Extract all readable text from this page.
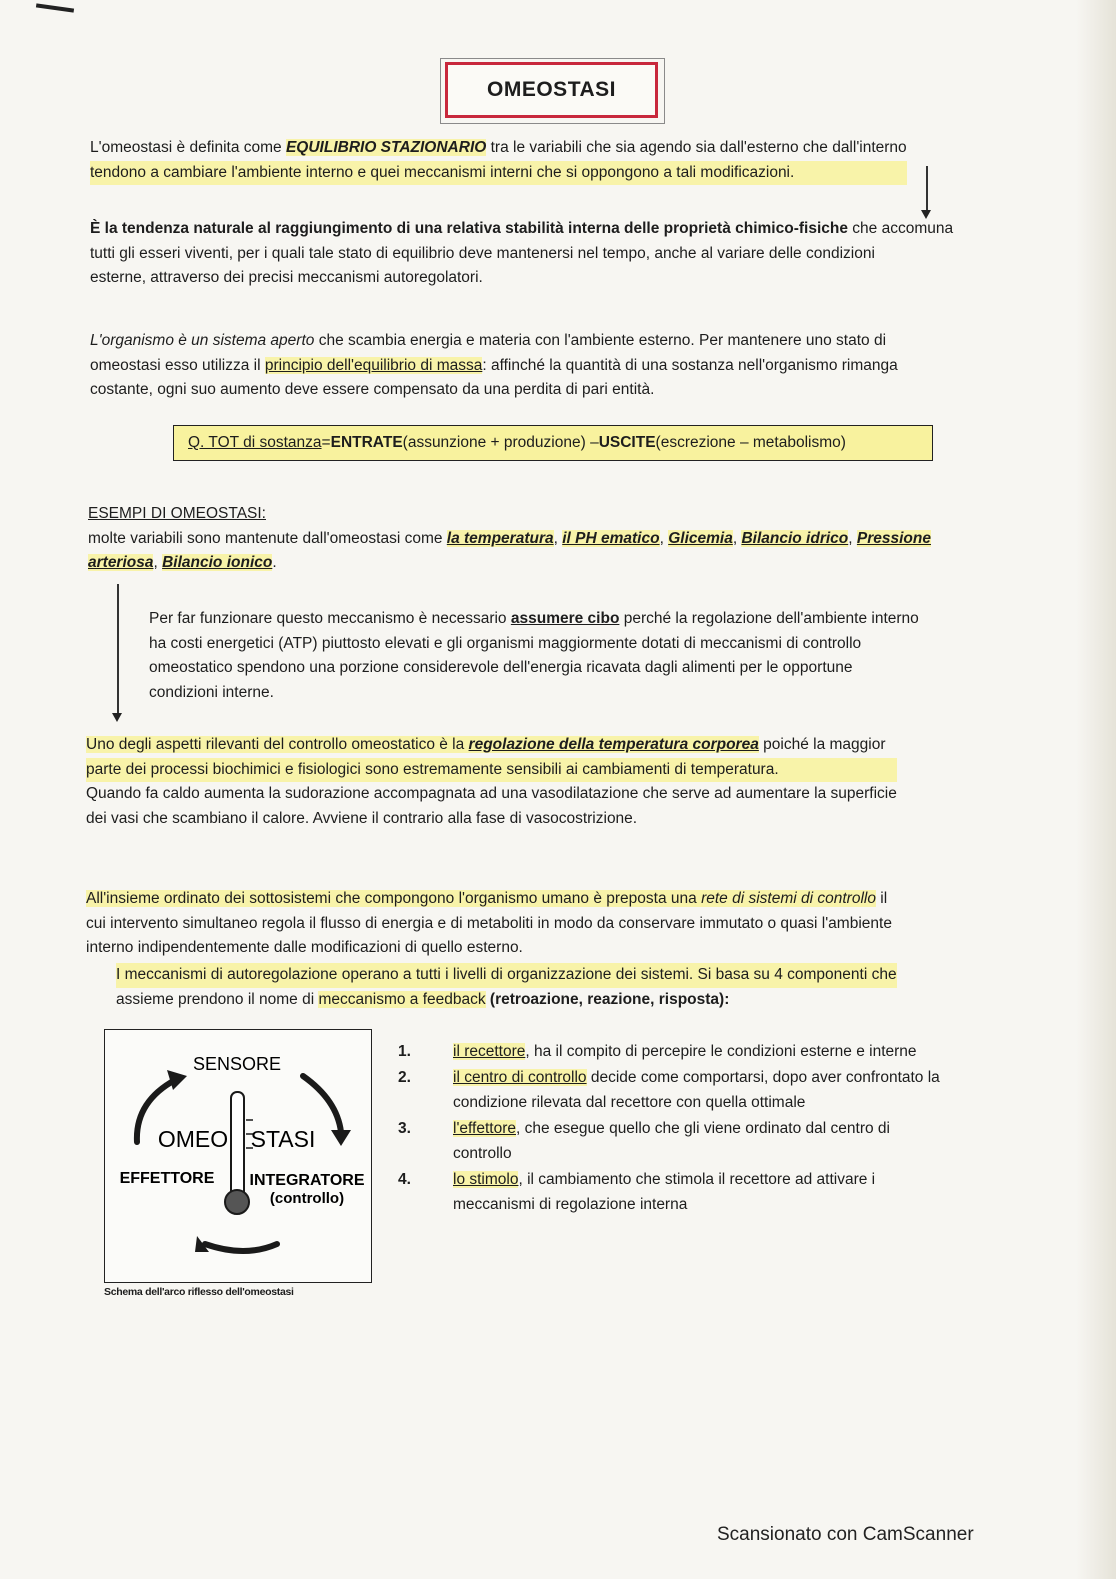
OMEOSTASI
L'omeostasi è definita come EQUILIBRIO STAZIONARIO tra le variabili che sia agendo sia dall'esterno che dall'interno
tendono a cambiare l'ambiente interno e quei meccanismi interni che si oppongono a tali modificazioni.
È la tendenza naturale al raggiungimento di una relativa stabilità interna delle proprietà chimico-fisiche che accomuna
tutti gli esseri viventi, per i quali tale stato di equilibrio deve mantenersi nel tempo, anche al variare delle condizioni
esterne, attraverso dei precisi meccanismi autoregolatori.
L'organismo è un sistema aperto che scambia energia e materia con l'ambiente esterno. Per mantenere uno stato di
omeostasi esso utilizza il principio dell'equilibrio di massa: affinché la quantità di una sostanza nell'organismo rimanga
costante, ogni suo aumento deve essere compensato da una perdita di pari entità.
Q. TOT di sostanza = ENTRATE (assunzione + produzione) – USCITE (escrezione – metabolismo)
ESEMPI DI OMEOSTASI:
molte variabili sono mantenute dall'omeostasi come la temperatura, il PH ematico, Glicemia, Bilancio idrico, Pressione
arteriosa, Bilancio ionico.
Per far funzionare questo meccanismo è necessario assumere cibo perché la regolazione dell'ambiente interno
ha costi energetici (ATP) piuttosto elevati e gli organismi maggiormente dotati di meccanismi di controllo
omeostatico spendono una porzione considerevole dell'energia ricavata dagli alimenti per le opportune
condizioni interne.
Uno degli aspetti rilevanti del controllo omeostatico è la regolazione della temperatura corporea poiché la maggior
parte dei processi biochimici e fisiologici sono estremamente sensibili ai cambiamenti di temperatura.
Quando fa caldo aumenta la sudorazione accompagnata ad una vasodilatazione che serve ad aumentare la superficie
dei vasi che scambiano il calore. Avviene il contrario alla fase di vasocostrizione.
All'insieme ordinato dei sottosistemi che compongono l'organismo umano è preposta una rete di sistemi di controllo il
cui intervento simultaneo regola il flusso di energia e di metaboliti in modo da conservare immutato o quasi l'ambiente
interno indipendentemente dalle modificazioni di quello esterno.
I meccanismi di autoregolazione operano a tutti i livelli di organizzazione dei sistemi. Si basa su 4 componenti che
assieme prendono il nome di meccanismo a feedback (retroazione, reazione, risposta):
SENSORE
OMEO STASI
EFFETTORE INTEGRATORE
(controllo)
Schema dell'arco riflesso dell'omeostasi
1.	il recettore, ha il compito di percepire le condizioni esterne e interne
2.	il centro di controllo decide come comportarsi, dopo aver confrontato la
condizione rilevata dal recettore con quella ottimale
3.	l'effettore, che esegue quello che gli viene ordinato dal centro di
controllo
4.	lo stimolo, il cambiamento che stimola il recettore ad attivare i
meccanismi di regolazione interna
Scansionato con CamScanner
